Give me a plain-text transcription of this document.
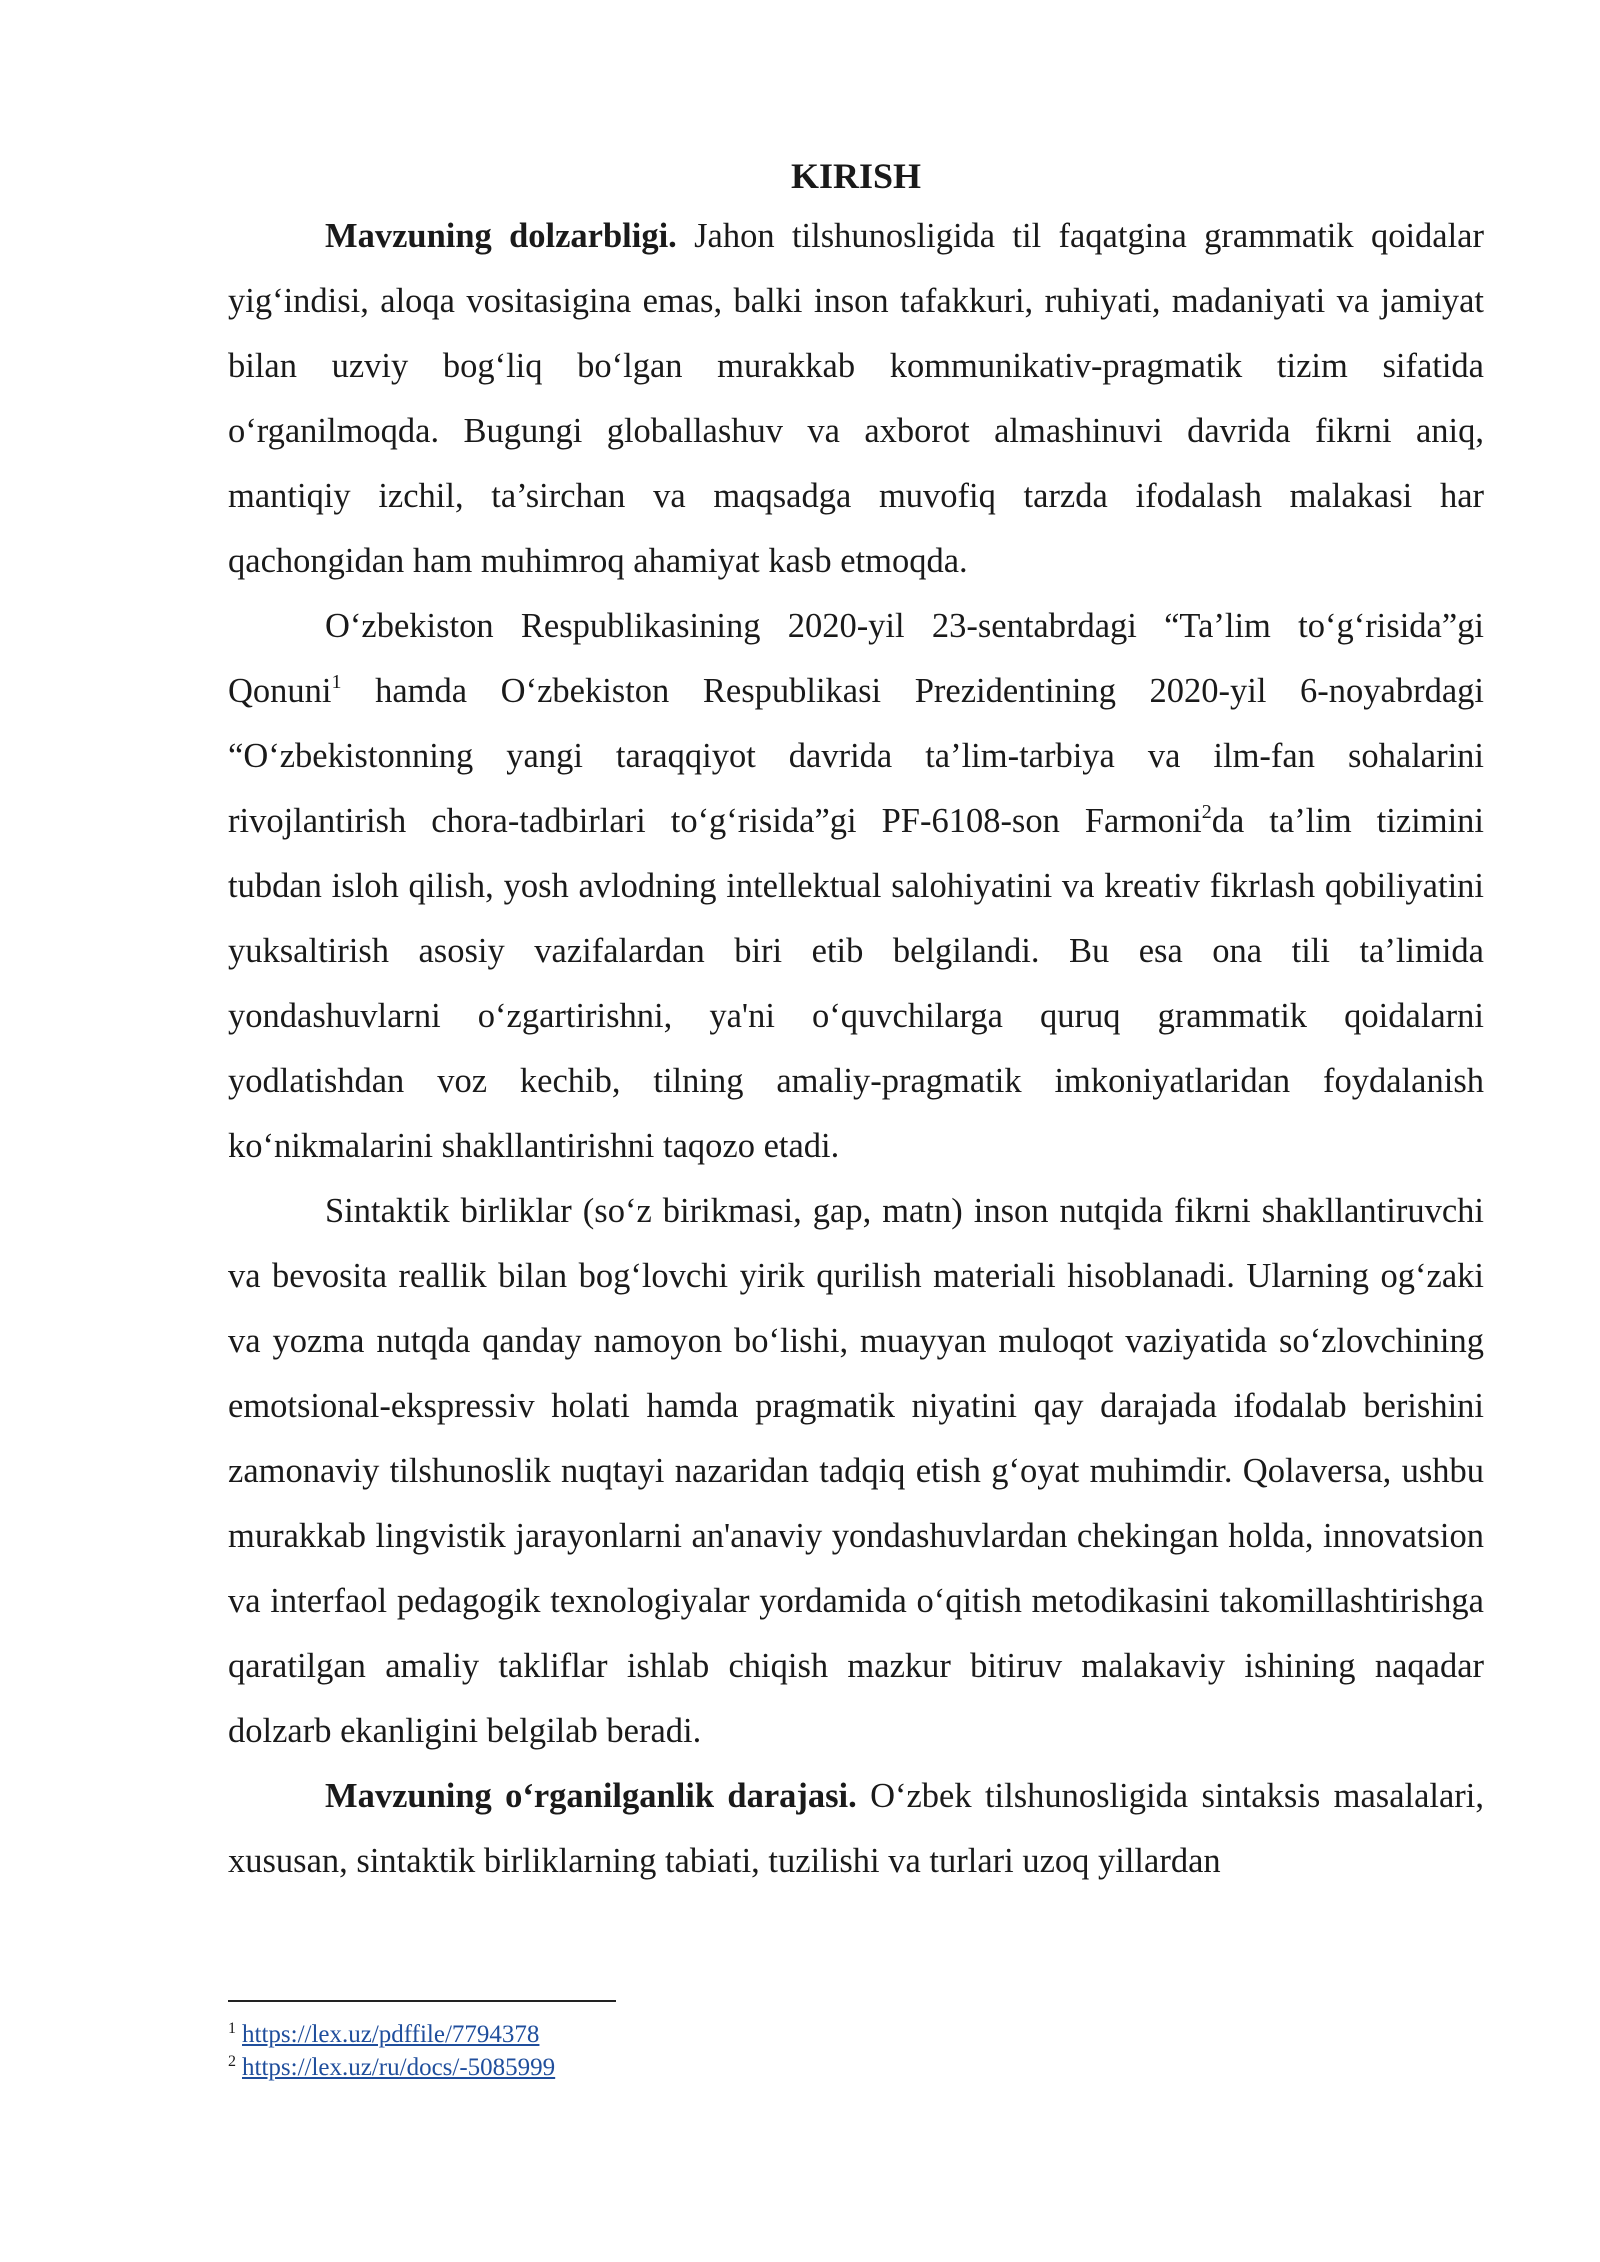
KIRISH

Mavzuning dolzarbligi. Jahon tilshunosligida til faqatgina grammatik qoidalar yig‘indisi, aloqa vositasigina emas, balki inson tafakkuri, ruhiyati, madaniyati va jamiyat bilan uzviy bog‘liq bo‘lgan murakkab kommunikativ-pragmatik tizim sifatida o‘rganilmoqda. Bugungi globallashuv va axborot almashinuvi davrida fikrni aniq, mantiqiy izchil, ta’sirchan va maqsadga muvofiq tarzda ifodalash malakasi har qachongidan ham muhimroq ahamiyat kasb etmoqda.

O‘zbekiston Respublikasining 2020-yil 23-sentabrdagi “Ta’lim to‘g‘risida”gi Qonuni$^1$ hamda O‘zbekiston Respublikasi Prezidentining 2020-yil 6-noyabrdagi “O‘zbekistonning yangi taraqqiyot davrida ta’lim-tarbiya va ilm-fan sohalarini rivojlantirish chora-tadbirlari to‘g‘risida”gi PF-6108-son Farmoni$^2$da ta’lim tizimini tubdan isloh qilish, yosh avlodning intellektual salohiyatini va kreativ fikrlash qobiliyatini yuksaltirish asosiy vazifalardan biri etib belgilandi. Bu esa ona tili ta’limida yondashuvlarni o‘zgartirishni, ya'ni o‘quvchilarga quruq grammatik qoidalarni yodlatishdan voz kechib, tilning amaliy-pragmatik imkoniyatlaridan foydalanish ko‘nikmalarini shakllantirishni taqozo etadi.

Sintaktik birliklar (so‘z birikmasi, gap, matn) inson nutqida fikrni shakllantiruvchi va bevosita reallik bilan bog‘lovchi yirik qurilish materiali hisoblanadi. Ularning og‘zaki va yozma nutqda qanday namoyon bo‘lishi, muayyan muloqot vaziyatida so‘zlovchining emotsional-ekspressiv holati hamda pragmatik niyatini qay darajada ifodalab berishini zamonaviy tilshunoslik nuqtayi nazaridan tadqiq etish g‘oyat muhimdir. Qolaversa, ushbu murakkab lingvistik jarayonlarni an'anaviy yondashuvlardan chekingan holda, innovatsion va interfaol pedagogik texnologiyalar yordamida o‘qitish metodikasini takomillashtirishga qaratilgan amaliy takliflar ishlab chiqish mazkur bitiruv malakaviy ishining naqadar dolzarb ekanligini belgilab beradi.

Mavzuning o‘rganilganlik darajasi. O‘zbek tilshunosligida sintaksis masalalari, xususan, sintaktik birliklarning tabiati, tuzilishi va turlari uzoq yillardan

$^1$ https://lex.uz/pdffile/7794378
$^2$ https://lex.uz/ru/docs/-5085999
